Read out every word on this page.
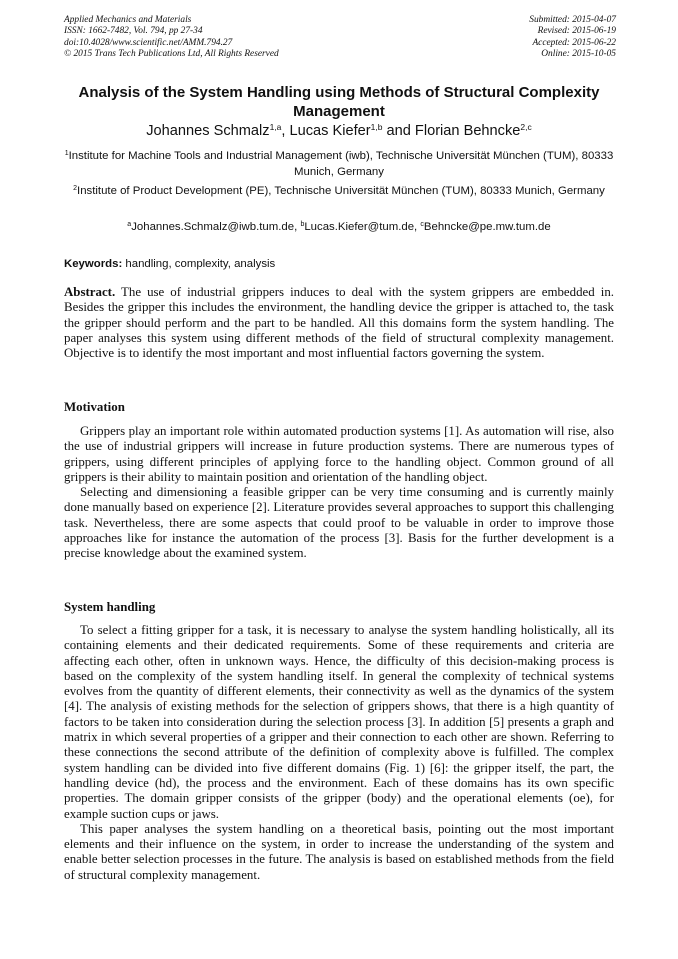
Applied Mechanics and Materials
ISSN: 1662-7482, Vol. 794, pp 27-34
doi:10.4028/www.scientific.net/AMM.794.27
© 2015 Trans Tech Publications Ltd, All Rights Reserved
Submitted: 2015-04-07
Revised: 2015-06-19
Accepted: 2015-06-22
Online: 2015-10-05
Analysis of the System Handling using Methods of Structural Complexity Management
Johannes Schmalz$^{1,a}$, Lucas Kiefer$^{1,b}$ and Florian Behncke$^{2,c}$
$^1$Institute for Machine Tools and Industrial Management (iwb), Technische Universität München (TUM), 80333 Munich, Germany
$^2$Institute of Product Development (PE), Technische Universität München (TUM), 80333 Munich, Germany
$^a$Johannes.Schmalz@iwb.tum.de, $^b$Lucas.Kiefer@tum.de, $^c$Behncke@pe.mw.tum.de
Keywords: handling, complexity, analysis

Abstract. The use of industrial grippers induces to deal with the system grippers are embedded in. Besides the gripper this includes the environment, the handling device the gripper is attached to, the task the gripper should perform and the part to be handled. All this domains form the system handling. The paper analyses this system using different methods of the field of structural complexity management. Objective is to identify the most important and most influential factors governing the system.

Motivation

Grippers play an important role within automated production systems [1]. As automation will rise, also the use of industrial grippers will increase in future production systems. There are numerous types of grippers, using different principles of applying force to the handling object. Common ground of all grippers is their ability to maintain position and orientation of the handling object.

Selecting and dimensioning a feasible gripper can be very time consuming and is currently mainly done manually based on experience [2]. Literature provides several approaches to support this challenging task. Nevertheless, there are some aspects that could proof to be valuable in order to improve those approaches like for instance the automation of the process [3]. Basis for the further development is a precise knowledge about the examined system.

System handling

To select a fitting gripper for a task, it is necessary to analyse the system handling holistically, all its containing elements and their dedicated requirements. Some of these requirements and criteria are affecting each other, often in unknown ways. Hence, the difficulty of this decision-making process is based on the complexity of the system handling itself. In general the complexity of technical systems evolves from the quantity of different elements, their connectivity as well as the dynamics of the system [4]. The analysis of existing methods for the selection of grippers shows, that there is a high quantity of factors to be taken into consideration during the selection process [3]. In addition [5] presents a graph and matrix in which several properties of a gripper and their connection to each other are shown. Referring to these connections the second attribute of the definition of complexity above is fulfilled. The complex system handling can be divided into five different domains (Fig. 1) [6]: the gripper itself, the part, the handling device (hd), the process and the environment. Each of these domains has its own specific properties. The domain gripper consists of the gripper (body) and the operational elements (oe), for example suction cups or jaws.

This paper analyses the system handling on a theoretical basis, pointing out the most important elements and their influence on the system, in order to increase the understanding of the system and enable better selection processes in the future. The analysis is based on established methods from the field of structural complexity management.
